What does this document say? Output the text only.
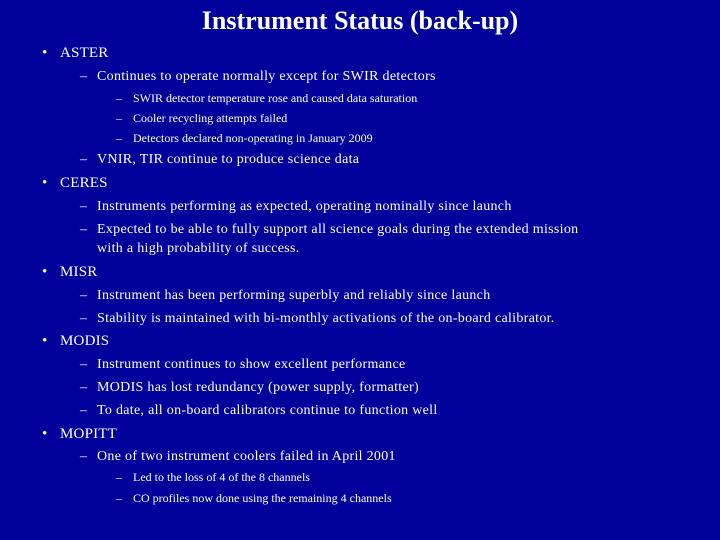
Instrument Status (back-up)
• ASTER
– Continues to operate normally except for SWIR detectors
– SWIR detector temperature rose and caused data saturation
– Cooler recycling attempts failed
– Detectors declared non-operating in January 2009
– VNIR, TIR continue to produce science data
• CERES
– Instruments performing as expected, operating nominally since launch
– Expected to be able to fully support all science goals during the extended mission
with a high probability of success.
• MISR
– Instrument has been performing superbly and reliably since launch
– Stability is maintained with bi-monthly activations of the on-board calibrator.
• MODIS
– Instrument continues to show excellent performance
– MODIS has lost redundancy (power supply, formatter)
– To date, all on-board calibrators continue to function well
• MOPITT
– One of two instrument coolers failed in April 2001
– Led to the loss of 4 of the 8 channels
– CO profiles now done using the remaining 4 channels
